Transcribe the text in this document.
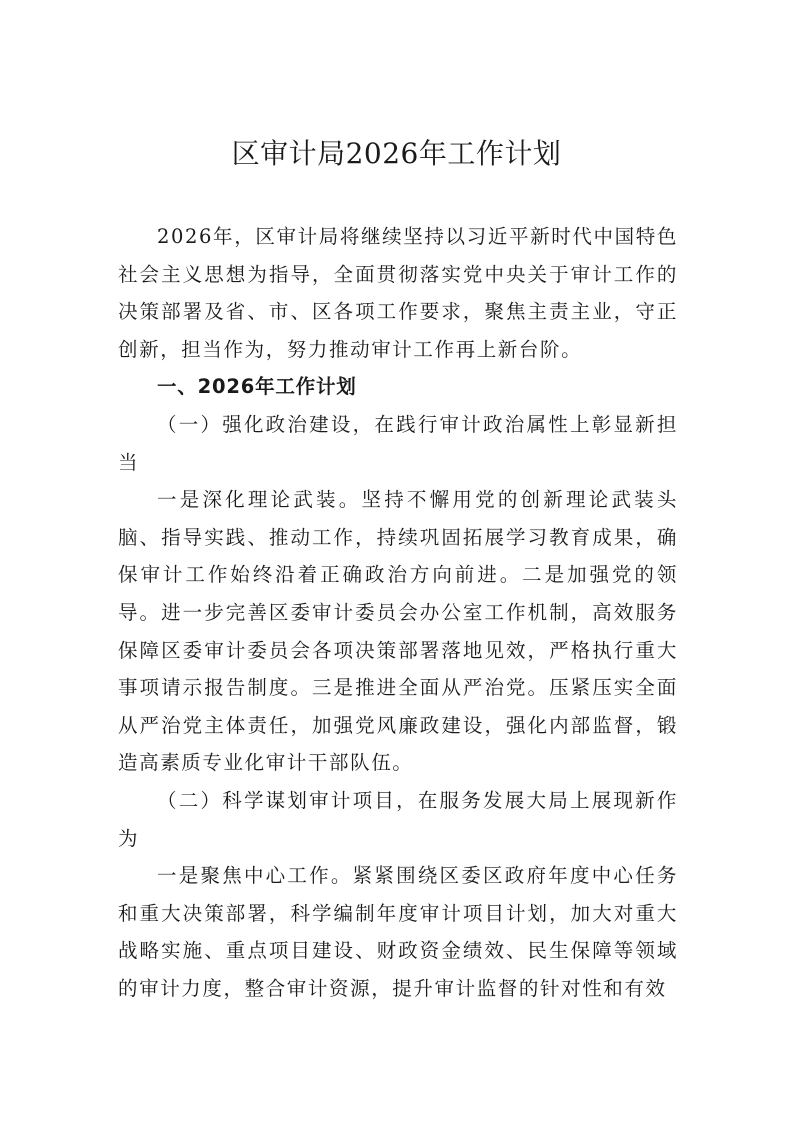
区审计局2026年工作计划

2026年，区审计局将继续坚持以习近平新时代中国特色社会主义思想为指导，全面贯彻落实党中央关于审计工作的决策部署及省、市、区各项工作要求，聚焦主责主业，守正创新，担当作为，努力推动审计工作再上新台阶。

一、2026年工作计划

（一）强化政治建设，在践行审计政治属性上彰显新担当

一是深化理论武装。坚持不懈用党的创新理论武装头脑、指导实践、推动工作，持续巩固拓展学习教育成果，确保审计工作始终沿着正确政治方向前进。二是加强党的领导。进一步完善区委审计委员会办公室工作机制，高效服务保障区委审计委员会各项决策部署落地见效，严格执行重大事项请示报告制度。三是推进全面从严治党。压紧压实全面从严治党主体责任，加强党风廉政建设，强化内部监督，锻造高素质专业化审计干部队伍。

（二）科学谋划审计项目，在服务发展大局上展现新作为

一是聚焦中心工作。紧紧围绕区委区政府年度中心任务和重大决策部署，科学编制年度审计项目计划，加大对重大战略实施、重点项目建设、财政资金绩效、民生保障等领域的审计力度，整合审计资源，提升审计监督的针对性和有效
